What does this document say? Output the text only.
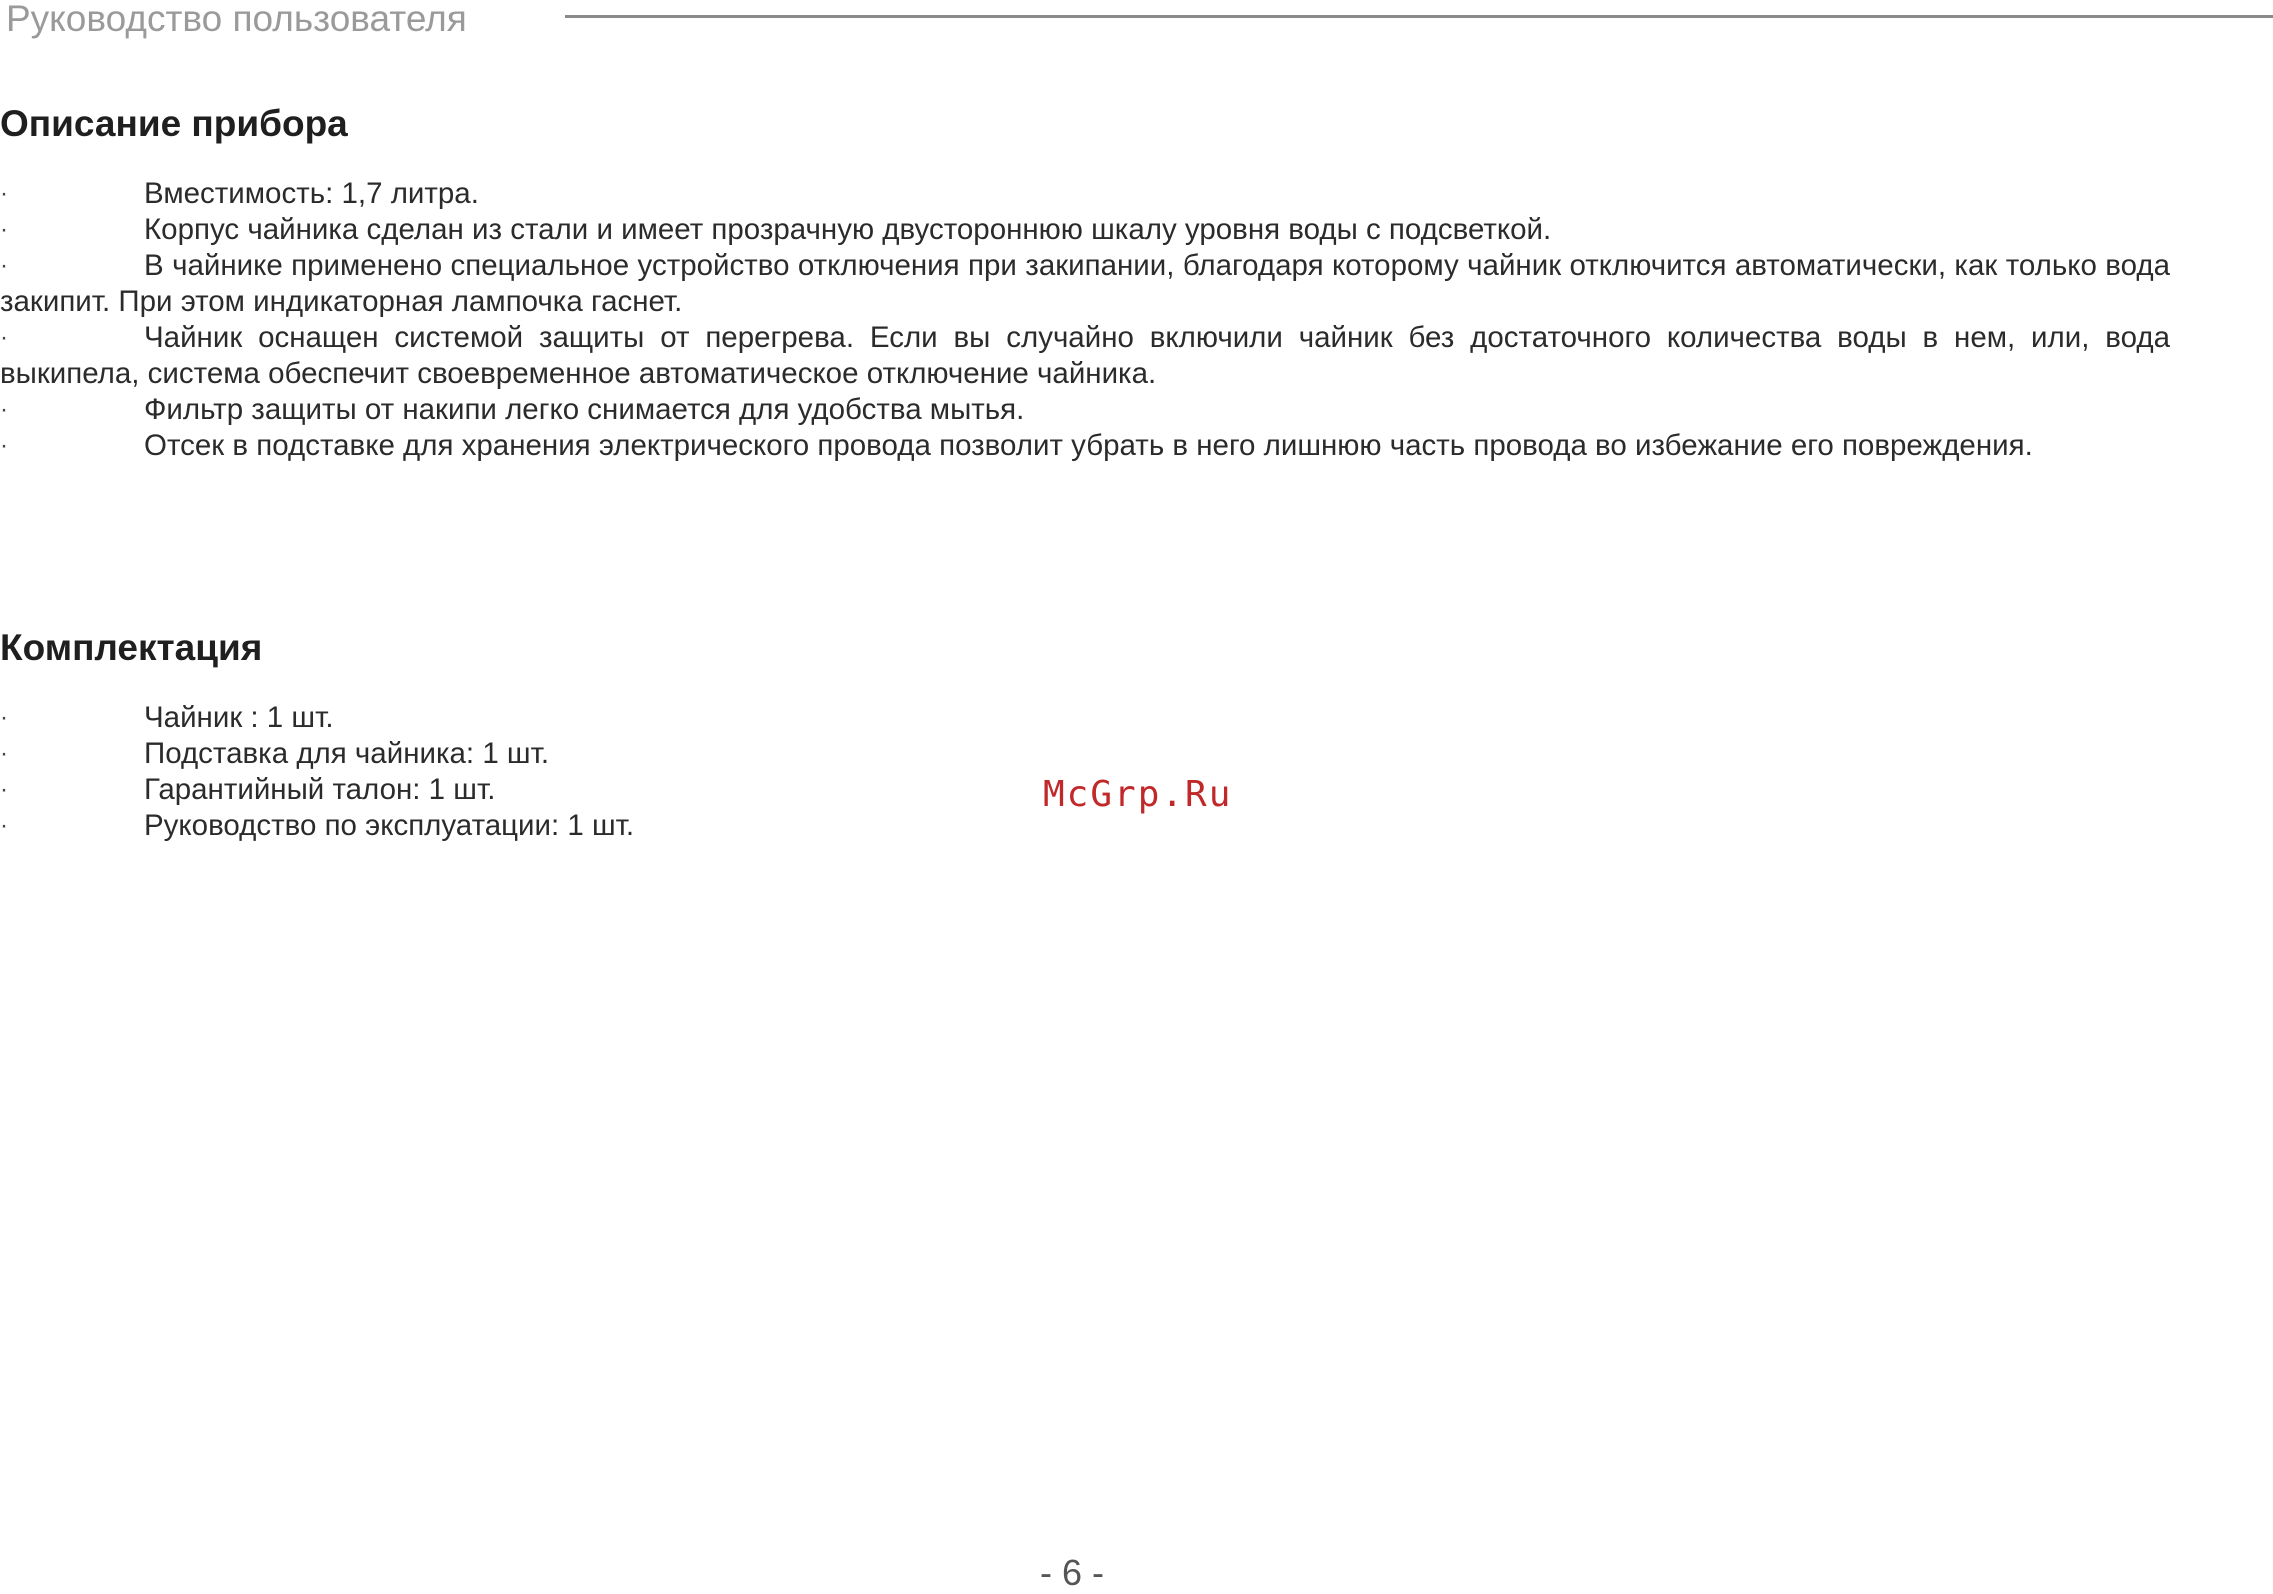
Руководство пользователя
Описание прибора
·	Вместимость: 1,7 литра.
·	Корпус чайника сделан из стали и имеет прозрачную двустороннюю шкалу уровня воды с подсветкой.
·	В чайнике применено специальное устройство отключения при закипании, благодаря которому чайник отключится автоматически, как только вода закипит. При этом индикаторная лампочка гаснет.
·	Чайник оснащен системой защиты от перегрева. Если вы случайно включили чайник без достаточного количества воды в нем, или, вода выкипела, система обеспечит своевременное автоматическое отключение чайника.
·	Фильтр защиты от накипи легко снимается для удобства мытья.
·	Отсек в подставке для хранения электрического провода позволит убрать в него лишнюю часть провода во избежание его повреждения.
Комплектация
·	Чайник : 1 шт.
·	Подставка для чайника: 1 шт.
·	Гарантийный талон: 1 шт.
·	Руководство по эксплуатации: 1 шт.
McGrp.Ru
- 6 -
